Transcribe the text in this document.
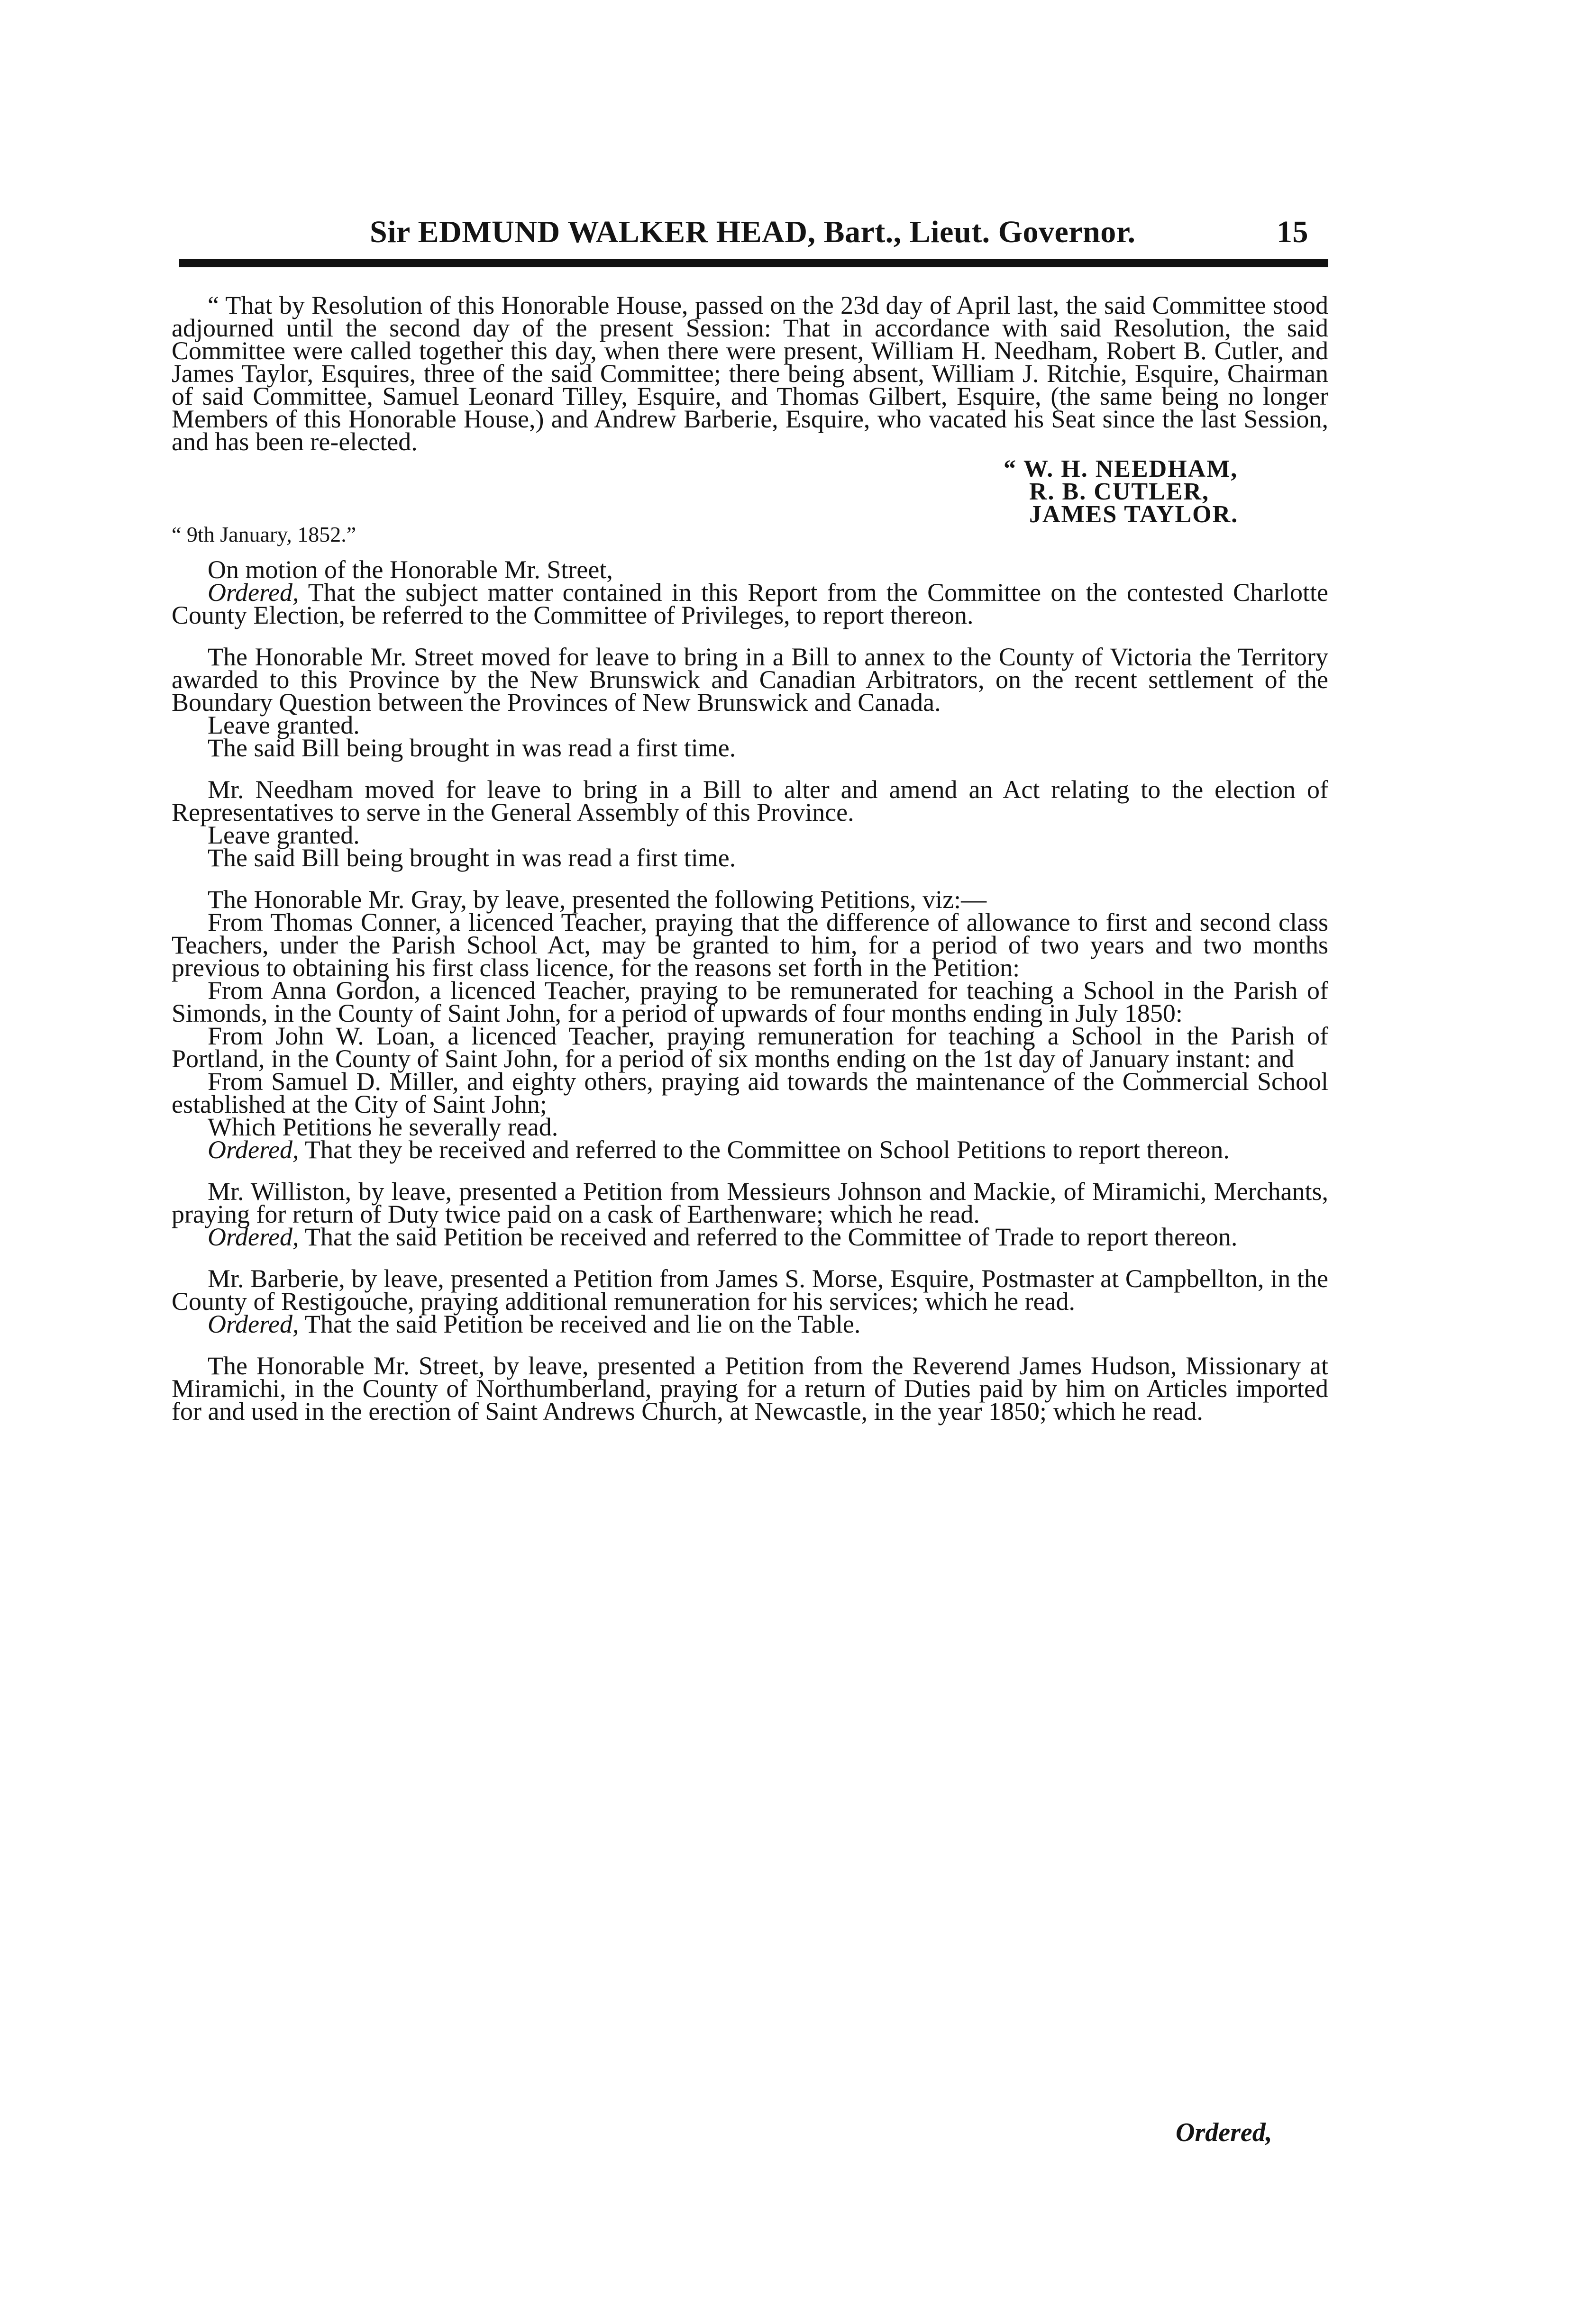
Sir EDMUND WALKER HEAD, Bart., Lieut. Governor.	15

“ That by Resolution of this Honorable House, passed on the 23d day of April last, the said Committee stood adjourned until the second day of the present Session: That in accordance with said Resolution, the said Committee were called together this day, when there were present, William H. Needham, Robert B. Cutler, and James Taylor, Esquires, three of the said Committee; there being absent, William J. Ritchie, Esquire, Chairman of said Committee, Samuel Leonard Tilley, Esquire, and Thomas Gilbert, Esquire, (the same being no longer Members of this Honorable House,) and Andrew Barberie, Esquire, who vacated his Seat since the last Session, and has been re-elected.

“ W. H. NEEDHAM,
R. B. CUTLER,
JAMES TAYLOR.
“ 9th January, 1852.”

On motion of the Honorable Mr. Street,

Ordered, That the subject matter contained in this Report from the Committee on the contested Charlotte County Election, be referred to the Committee of Privileges, to report thereon.

The Honorable Mr. Street moved for leave to bring in a Bill to annex to the County of Victoria the Territory awarded to this Province by the New Brunswick and Canadian Arbitrators, on the recent settlement of the Boundary Question between the Provinces of New Brunswick and Canada.

Leave granted.

The said Bill being brought in was read a first time.

Mr. Needham moved for leave to bring in a Bill to alter and amend an Act relating to the election of Representatives to serve in the General Assembly of this Province.

Leave granted.

The said Bill being brought in was read a first time.

The Honorable Mr. Gray, by leave, presented the following Petitions, viz:—

From Thomas Conner, a licenced Teacher, praying that the difference of allowance to first and second class Teachers, under the Parish School Act, may be granted to him, for a period of two years and two months previous to obtaining his first class licence, for the reasons set forth in the Petition:

From Anna Gordon, a licenced Teacher, praying to be remunerated for teaching a School in the Parish of Simonds, in the County of Saint John, for a period of upwards of four months ending in July 1850:

From John W. Loan, a licenced Teacher, praying remuneration for teaching a School in the Parish of Portland, in the County of Saint John, for a period of six months ending on the 1st day of January instant: and

From Samuel D. Miller, and eighty others, praying aid towards the maintenance of the Commercial School established at the City of Saint John;

Which Petitions he severally read.

Ordered, That they be received and referred to the Committee on School Petitions to report thereon.

Mr. Williston, by leave, presented a Petition from Messieurs Johnson and Mackie, of Miramichi, Merchants, praying for return of Duty twice paid on a cask of Earthenware; which he read.

Ordered, That the said Petition be received and referred to the Committee of Trade to report thereon.

Mr. Barberie, by leave, presented a Petition from James S. Morse, Esquire, Postmaster at Campbellton, in the County of Restigouche, praying additional remuneration for his services; which he read.

Ordered, That the said Petition be received and lie on the Table.

The Honorable Mr. Street, by leave, presented a Petition from the Reverend James Hudson, Missionary at Miramichi, in the County of Northumberland, praying for a return of Duties paid by him on Articles imported for and used in the erection of Saint Andrews Church, at Newcastle, in the year 1850; which he read.

Ordered,
